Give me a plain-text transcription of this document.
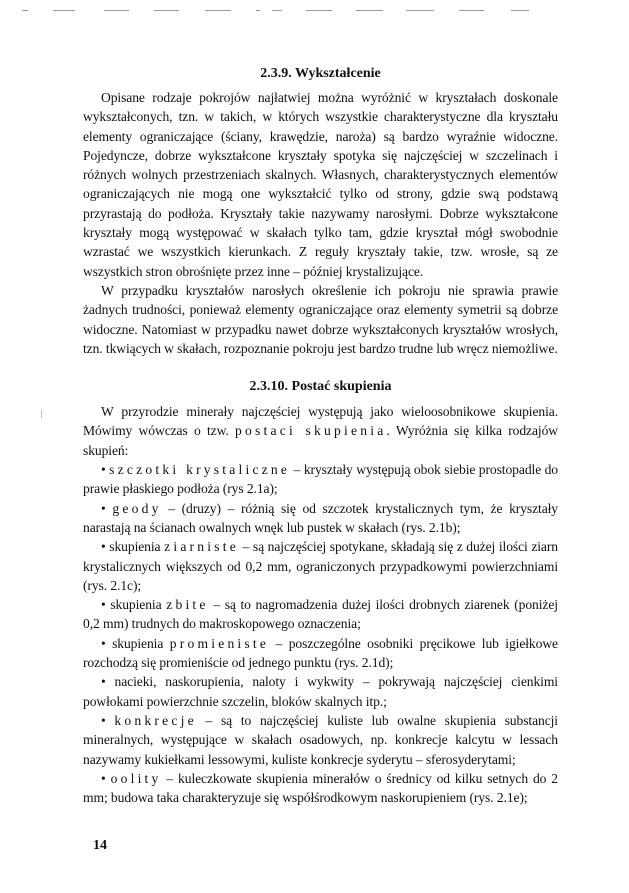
2.3.9. Wykształcenie

Opisane rodzaje pokrojów najłatwiej można wyróżnić w kryształach doskonale wykształconych, tzn. w takich, w których wszystkie charakterystyczne dla kryształu elementy ograniczające (ściany, krawędzie, naroża) są bardzo wyraźnie widoczne. Pojedyncze, dobrze wykształcone kryształy spotyka się najczęściej w szczelinach i różnych wolnych przestrzeniach skalnych. Własnych, charakterystycznych elementów ograniczających nie mogą one wykształcić tylko od strony, gdzie swą podstawą przyrastają do podłoża. Kryształy takie nazywamy narosłymi. Dobrze wykształcone kryształy mogą występować w skałach tylko tam, gdzie kryształ mógł swobodnie wzrastać we wszystkich kierunkach. Z reguły kryształy takie, tzw. wrosłe, są ze wszystkich stron obrośnięte przez inne – później krystalizujące.

W przypadku kryształów narosłych określenie ich pokroju nie sprawia prawie żadnych trudności, ponieważ elementy ograniczające oraz elementy symetrii są dobrze widoczne. Natomiast w przypadku nawet dobrze wykształconych kryształów wrosłych, tzn. tkwiących w skałach, rozpoznanie pokroju jest bardzo trudne lub wręcz niemożliwe.

2.3.10. Postać skupienia

W przyrodzie minerały najczęściej występują jako wieloosobnikowe skupienia. Mówimy wówczas o tzw. postaci skupienia. Wyróżnia się kilka rodzajów skupień:

• szczotki krystaliczne – kryształy występują obok siebie prostopadle do prawie płaskiego podłoża (rys 2.1a);

• geody – (druzy) – różnią się od szczotek krystalicznych tym, że kryształy narastają na ścianach owalnych wnęk lub pustek w skałach (rys. 2.1b);

• skupienia ziarniste – są najczęściej spotykane, składają się z dużej ilości ziarn krystalicznych większych od 0,2 mm, ograniczonych przypadkowymi powierzchniami (rys. 2.1c);

• skupienia zbite – są to nagromadzenia dużej ilości drobnych ziarenek (poniżej 0,2 mm) trudnych do makroskopowego oznaczenia;

• skupienia promieniste – poszczególne osobniki pręcikowe lub igiełkowe rozchodzą się promieniście od jednego punktu (rys. 2.1d);

• nacieki, naskorupienia, naloty i wykwity – pokrywają najczęściej cienkimi powłokami powierzchnie szczelin, bloków skalnych itp.;

• konkrecje – są to najczęściej kuliste lub owalne skupienia substancji mineralnych, występujące w skałach osadowych, np. konkrecje kalcytu w lessach nazywamy kukiełkami lessowymi, kuliste konkrecje syderytu – sferosyderytami;

• oolity – kuleczkowate skupienia minerałów o średnicy od kilku setnych do 2 mm; budowa taka charakteryzuje się współśrodkowym naskorupieniem (rys. 2.1e);

14
